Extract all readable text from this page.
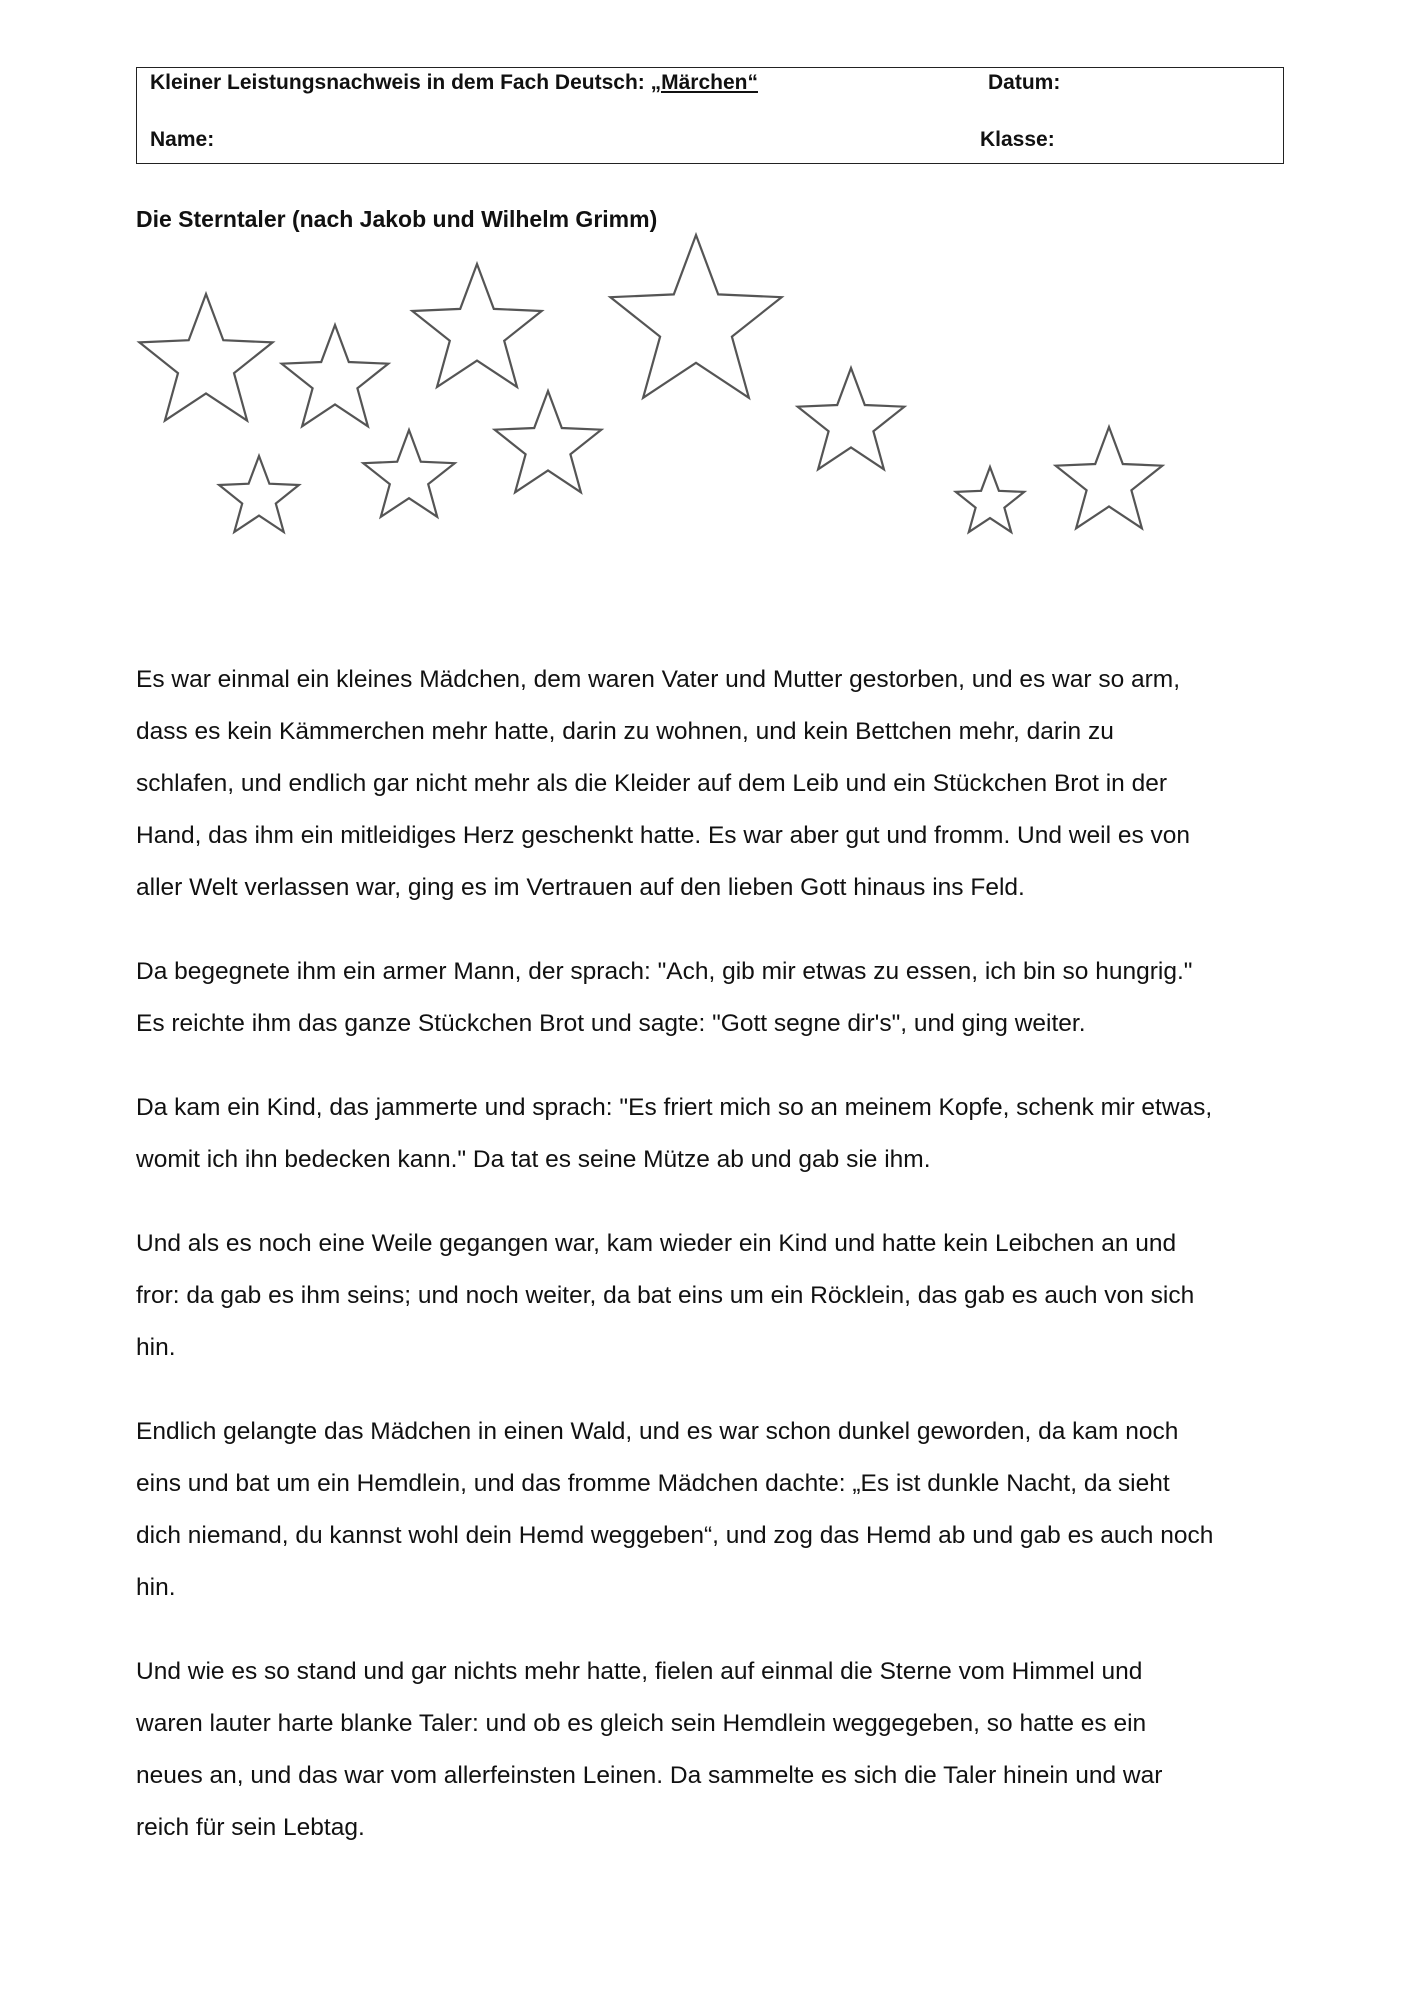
Kleiner Leistungsnachweis in dem Fach Deutsch: „Märchen“	Datum:
Name:	Klasse:
Die Sterntaler (nach Jakob und Wilhelm Grimm)

Es war einmal ein kleines Mädchen, dem waren Vater und Mutter gestorben, und es war so arm,
dass es kein Kämmerchen mehr hatte, darin zu wohnen, und kein Bettchen mehr, darin zu
schlafen, und endlich gar nicht mehr als die Kleider auf dem Leib und ein Stückchen Brot in der
Hand, das ihm ein mitleidiges Herz geschenkt hatte. Es war aber gut und fromm. Und weil es von
aller Welt verlassen war, ging es im Vertrauen auf den lieben Gott hinaus ins Feld.

Da begegnete ihm ein armer Mann, der sprach: "Ach, gib mir etwas zu essen, ich bin so hungrig."
Es reichte ihm das ganze Stückchen Brot und sagte: "Gott segne dir's", und ging weiter.

Da kam ein Kind, das jammerte und sprach: "Es friert mich so an meinem Kopfe, schenk mir etwas,
womit ich ihn bedecken kann." Da tat es seine Mütze ab und gab sie ihm.

Und als es noch eine Weile gegangen war, kam wieder ein Kind und hatte kein Leibchen an und
fror: da gab es ihm seins; und noch weiter, da bat eins um ein Röcklein, das gab es auch von sich
hin.

Endlich gelangte das Mädchen in einen Wald, und es war schon dunkel geworden, da kam noch
eins und bat um ein Hemdlein, und das fromme Mädchen dachte: „Es ist dunkle Nacht, da sieht
dich niemand, du kannst wohl dein Hemd weggeben“, und zog das Hemd ab und gab es auch noch
hin.

Und wie es so stand und gar nichts mehr hatte, fielen auf einmal die Sterne vom Himmel und
waren lauter harte blanke Taler: und ob es gleich sein Hemdlein weggegeben, so hatte es ein
neues an, und das war vom allerfeinsten Leinen. Da sammelte es sich die Taler hinein und war
reich für sein Lebtag.
